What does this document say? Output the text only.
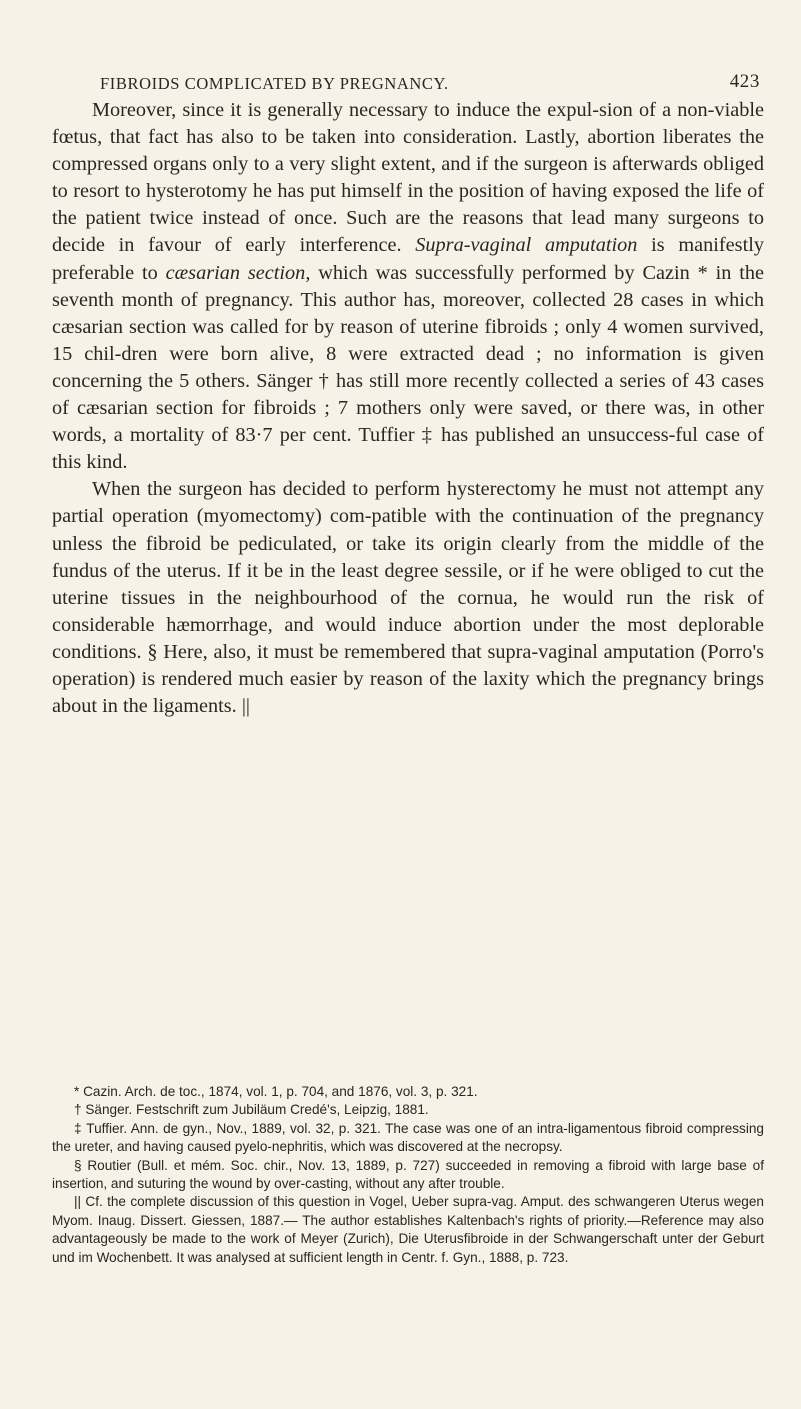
FIBROIDS COMPLICATED BY PREGNANCY.	423

Moreover, since it is generally necessary to induce the expul-sion of a non-viable fœtus, that fact has also to be taken into consideration. Lastly, abortion liberates the compressed organs only to a very slight extent, and if the surgeon is afterwards obliged to resort to hysterotomy he has put himself in the position of having exposed the life of the patient twice instead of once. Such are the reasons that lead many surgeons to decide in favour of early interference. Supra-vaginal amputation is manifestly preferable to cæsarian section, which was successfully performed by Cazin * in the seventh month of pregnancy. This author has, moreover, collected 28 cases in which cæsarian section was called for by reason of uterine fibroids ; only 4 women survived, 15 chil-dren were born alive, 8 were extracted dead ; no information is given concerning the 5 others. Sänger † has still more recently collected a series of 43 cases of cæsarian section for fibroids ; 7 mothers only were saved, or there was, in other words, a mortality of 83·7 per cent. Tuffier ‡ has published an unsuccess-ful case of this kind.

When the surgeon has decided to perform hysterectomy he must not attempt any partial operation (myomectomy) com-patible with the continuation of the pregnancy unless the fibroid be pediculated, or take its origin clearly from the middle of the fundus of the uterus. If it be in the least degree sessile, or if he were obliged to cut the uterine tissues in the neighbourhood of the cornua, he would run the risk of considerable hæmorrhage, and would induce abortion under the most deplorable conditions. § Here, also, it must be remembered that supra-vaginal amputation (Porro's operation) is rendered much easier by reason of the laxity which the pregnancy brings about in the ligaments. ||

* Cazin. Arch. de toc., 1874, vol. 1, p. 704, and 1876, vol. 3, p. 321.

† Sänger. Festschrift zum Jubiläum Credé's, Leipzig, 1881.

‡ Tuffier. Ann. de gyn., Nov., 1889, vol. 32, p. 321. The case was one of an intra-ligamentous fibroid compressing the ureter, and having caused pyelo-nephritis, which was discovered at the necropsy.

§ Routier (Bull. et mém. Soc. chir., Nov. 13, 1889, p. 727) succeeded in removing a fibroid with large base of insertion, and suturing the wound by over-casting, without any after trouble.

|| Cf. the complete discussion of this question in Vogel, Ueber supra-vag. Amput. des schwangeren Uterus wegen Myom. Inaug. Dissert. Giessen, 1887.— The author establishes Kaltenbach's rights of priority.—Reference may also advantageously be made to the work of Meyer (Zurich), Die Uterusfibroide in der Schwangerschaft unter der Geburt und im Wochenbett. It was analysed at sufficient length in Centr. f. Gyn., 1888, p. 723.
